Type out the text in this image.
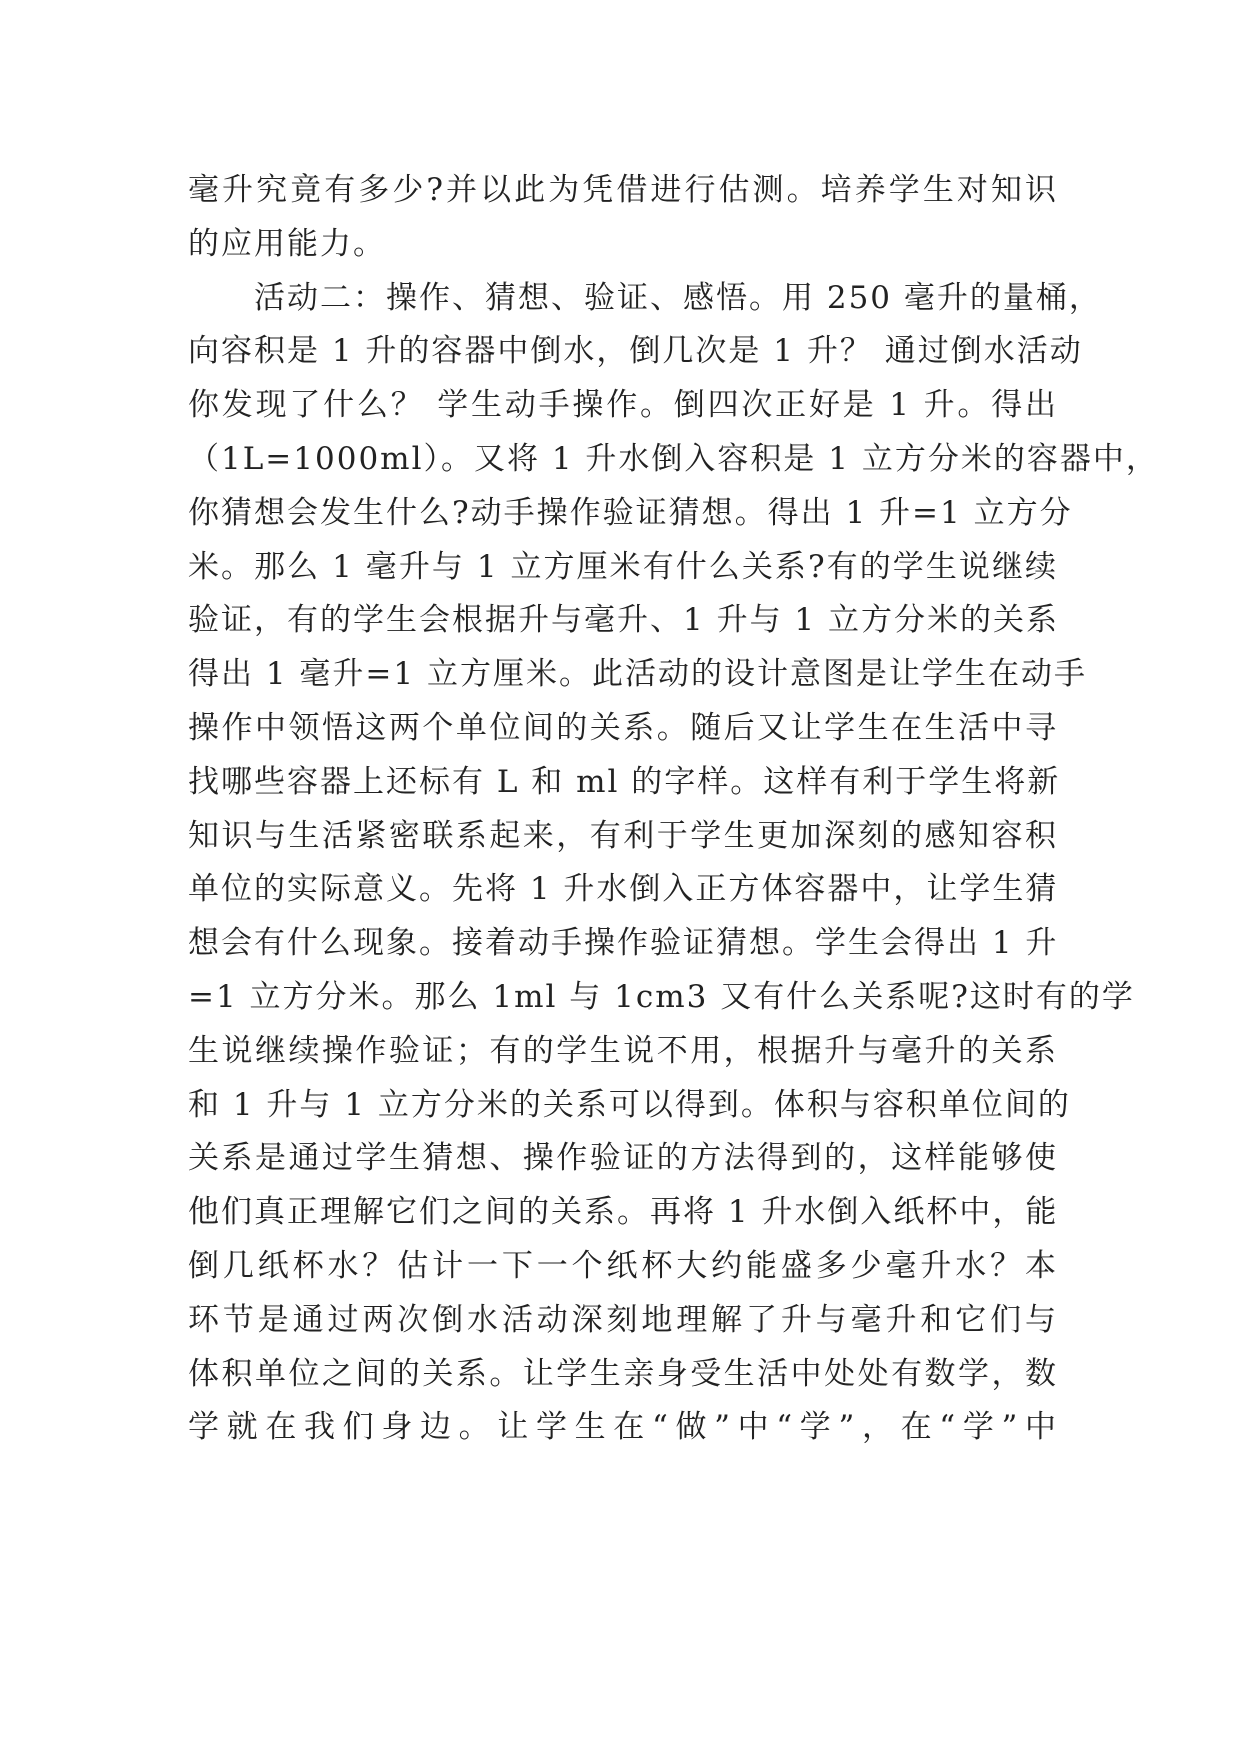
毫升究竟有多少?并以此为凭借进行估测。培养学生对知识
的应用能力。
活动二：操作、猜想、验证、感悟。用 250 毫升的量桶，
向容积是 1 升的容器中倒水，倒几次是 1 升？ 通过倒水活动
你发现了什么？ 学生动手操作。倒四次正好是 1 升。得出
（1L=1000ml）。又将 1 升水倒入容积是 1 立方分米的容器中，
你猜想会发生什么?动手操作验证猜想。得出 1 升=1 立方分
米。那么 1 毫升与 1 立方厘米有什么关系?有的学生说继续
验证，有的学生会根据升与毫升、1 升与 1 立方分米的关系
得出 1 毫升=1 立方厘米。此活动的设计意图是让学生在动手
操作中领悟这两个单位间的关系。随后又让学生在生活中寻
找哪些容器上还标有 L 和 ml 的字样。这样有利于学生将新
知识与生活紧密联系起来，有利于学生更加深刻的感知容积
单位的实际意义。先将 1 升水倒入正方体容器中，让学生猜
想会有什么现象。接着动手操作验证猜想。学生会得出 1 升
=1 立方分米。那么 1ml 与 1cm3 又有什么关系呢?这时有的学
生说继续操作验证；有的学生说不用，根据升与毫升的关系
和 1 升与 1 立方分米的关系可以得到。体积与容积单位间的
关系是通过学生猜想、操作验证的方法得到的，这样能够使
他们真正理解它们之间的关系。再将 1 升水倒入纸杯中，能
倒几纸杯水？估计一下一个纸杯大约能盛多少毫升水？本
环节是通过两次倒水活动深刻地理解了升与毫升和它们与
体积单位之间的关系。让学生亲身受生活中处处有数学，数
学就在我们身边。让学生在“做”中“学”，在“学”中
